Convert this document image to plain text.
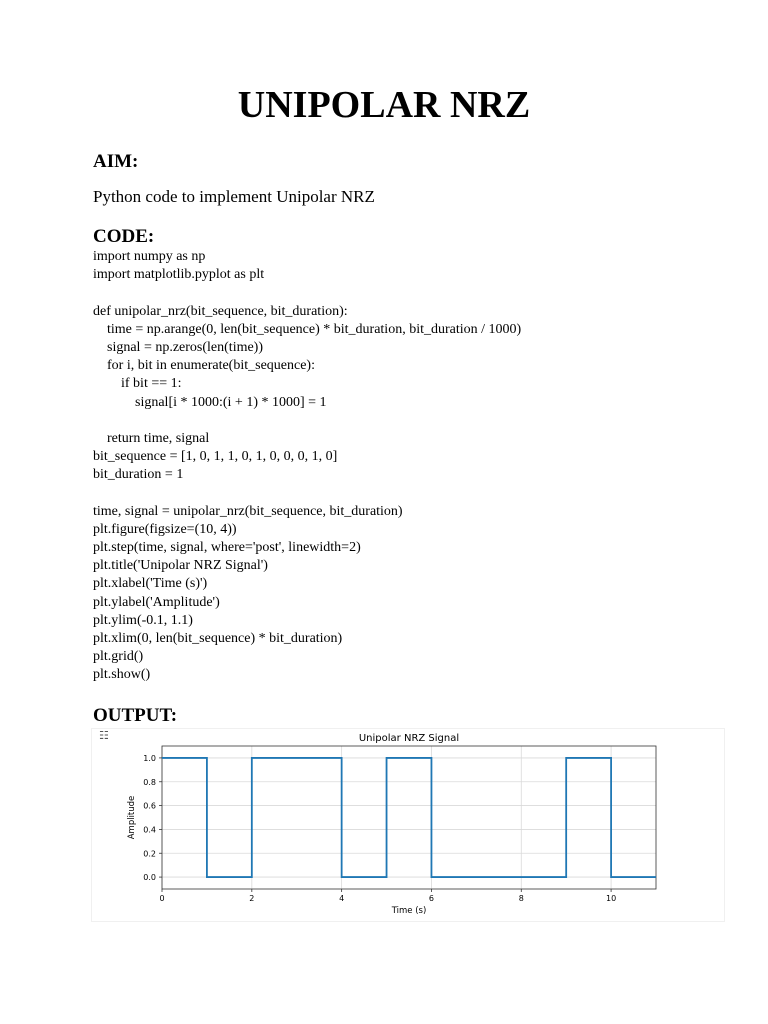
UNIPOLAR NRZ
AIM:
Python code to implement Unipolar NRZ
CODE:
import numpy as np
import matplotlib.pyplot as plt
def unipolar_nrz(bit_sequence, bit_duration):
time = np.arange(0, len(bit_sequence) * bit_duration, bit_duration / 1000)
signal = np.zeros(len(time))
for i, bit in enumerate(bit_sequence):
if bit == 1:
signal[i * 1000:(i + 1) * 1000] = 1
return time, signal
bit_sequence = [1, 0, 1, 1, 0, 1, 0, 0, 0, 1, 0]
bit_duration = 1
time, signal = unipolar_nrz(bit_sequence, bit_duration)
plt.figure(figsize=(10, 4))
plt.step(time, signal, where='post', linewidth=2)
plt.title('Unipolar NRZ Signal')
plt.xlabel('Time (s)')
plt.ylabel('Amplitude')
plt.ylim(-0.1, 1.1)
plt.xlim(0, len(bit_sequence) * bit_duration)
plt.grid()
plt.show()
OUTPUT:
0	2	4	6	8	10
0.0
0.2
0.4
0.6
0.8
1.0
Unipolar NRZ Signal
Time (s)
Amplitude
☷
